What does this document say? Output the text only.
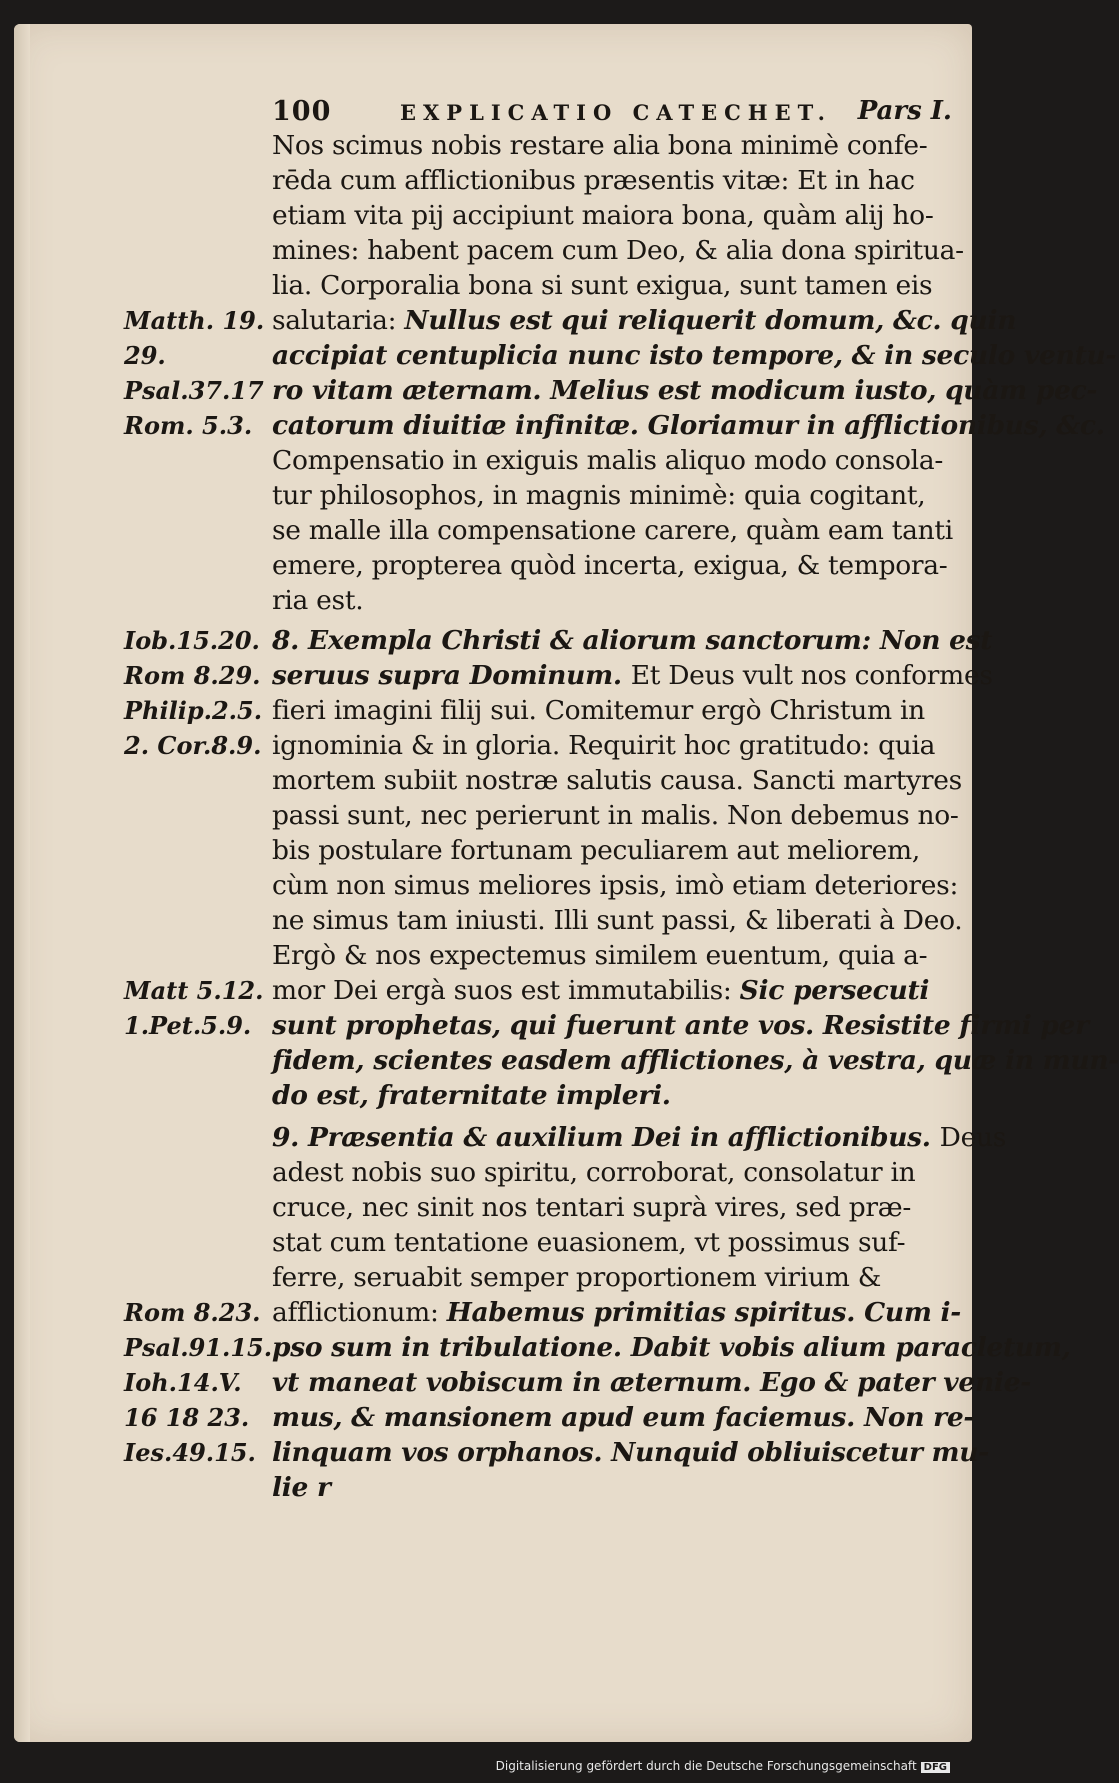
100	EXPLICATIO CATECHET. Pars I.
Matth. 19.
29.
Psal.37.17
Rom. 5.3.
Iob.15.20.
Rom 8.29.
Philip.2.5.
2. Cor.8.9.
Matt 5.12.
1.Pet.5.9.
Rom 8.23.
Psal.91.15.
Ioh.14.V.
16 18 23.
Ies.49.15.
Nos scimus nobis restare alia bona minimè confe-
rēda cum afflictionibus præsentis vitæ: Et in hac
etiam vita pij accipiunt maiora bona, quàm alij ho-
mines: habent pacem cum Deo, & alia dona spiritua-
lia. Corporalia bona si sunt exigua, sunt tamen eis
salutaria: Nullus est qui reliquerit domum, &c. quin
accipiat centuplicia nunc isto tempore, & in seculo ventu-
ro vitam æternam. Melius est modicum iusto, quàm pec-
catorum diuitiæ infinitæ. Gloriamur in afflictionibus, &c.
Compensatio in exiguis malis aliquo modo consola-
tur philosophos, in magnis minimè: quia cogitant,
se malle illa compensatione carere, quàm eam tanti
emere, propterea quòd incerta, exigua, & tempora-
ria est.
8. Exempla Christi & aliorum sanctorum: Non est
seruus supra Dominum. Et Deus vult nos conformes
fieri imagini filij sui. Comitemur ergò Christum in
ignominia & in gloria. Requirit hoc gratitudo: quia
mortem subiit nostræ salutis causa. Sancti martyres
passi sunt, nec perierunt in malis. Non debemus no-
bis postulare fortunam peculiarem aut meliorem,
cùm non simus meliores ipsis, imò etiam deteriores:
ne simus tam iniusti. Illi sunt passi, & liberati à Deo.
Ergò & nos expectemus similem euentum, quia a-
mor Dei ergà suos est immutabilis: Sic persecuti
sunt prophetas, qui fuerunt ante vos. Resistite firmi per
fidem, scientes easdem afflictiones, à vestra, quæ in mun-
do est, fraternitate impleri.
9. Præsentia & auxilium Dei in afflictionibus. Deus
adest nobis suo spiritu, corroborat, consolatur in
cruce, nec sinit nos tentari suprà vires, sed præ-
stat cum tentatione euasionem, vt possimus suf-
ferre, seruabit semper proportionem virium &
afflictionum: Habemus primitias spiritus. Cum i-
pso sum in tribulatione. Dabit vobis alium paracletum,
vt maneat vobiscum in æternum. Ego & pater venie-
mus, & mansionem apud eum faciemus. Non re-
linquam vos orphanos. Nunquid obliuiscetur mu-
lie r
Digitalisierung gefördert durch die Deutsche Forschungsgemeinschaft DFG
